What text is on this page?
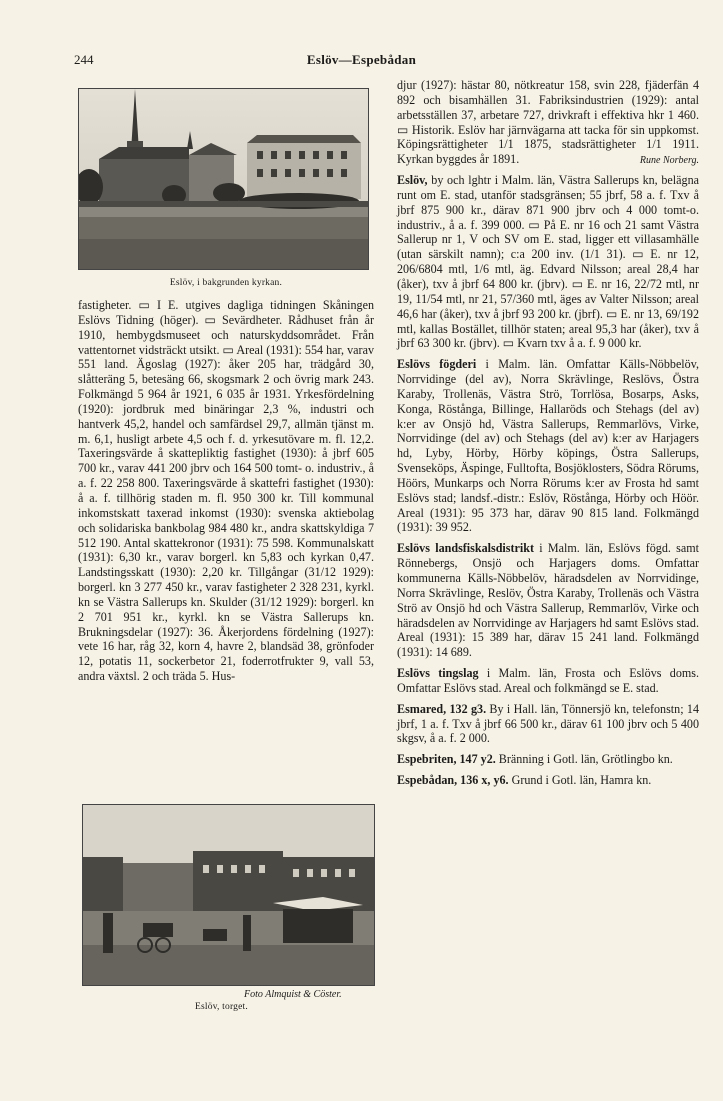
244	Eslöv—Espebådan
Eslöv, i bakgrunden kyrkan.

fastigheter. ▭ I E. utgives dagliga tidningen Skåningen Eslövs Tidning (höger). ▭ Sevärdheter. Rådhuset från år 1910, hembygdsmuseet och naturskyddsområdet. Från vattentornet vidsträckt utsikt. ▭ Areal (1931): 554 har, varav 551 land. Ägoslag (1927): åker 205 har, trädgård 30, slåtteräng 5, betesäng 66, skogsmark 2 och övrig mark 243. Folkmängd 5 964 år 1921, 6 035 år 1931. Yrkesfördelning (1920): jordbruk med binäringar 2,3 %, industri och hantverk 45,2, handel och samfärdsel 29,7, allmän tjänst m. m. 6,1, husligt arbete 4,5 och f. d. yrkesutövare m. fl. 12,2. Taxeringsvärde å skattepliktig fastighet (1930): å jbrf 605 700 kr., varav 441 200 jbrv och 164 500 tomt- o. industriv., å a. f. 22 258 800. Taxeringsvärde å skattefri fastighet (1930): å a. f. tillhörig staden m. fl. 950 300 kr. Till kommunal inkomstskatt taxerad inkomst (1930): svenska aktiebolag och solidariska bankbolag 984 480 kr., andra skattskyldiga 7 512 190. Antal skattekronor (1931): 75 598. Kommunalskatt (1931): 6,30 kr., varav borgerl. kn 5,83 och kyrkan 0,47. Landstingsskatt (1930): 2,20 kr. Tillgångar (31/12 1929): borgerl. kn 3 277 450 kr., varav fastigheter 2 328 231, kyrkl. kn se Västra Sallerups kn. Skulder (31/12 1929): borgerl. kn 2 701 951 kr., kyrkl. kn se Västra Sallerups kn. Brukningsdelar (1927): 36. Åkerjordens fördelning (1927): vete 16 har, råg 32, korn 4, havre 2, blandsäd 38, grönfoder 12, potatis 11, sockerbetor 21, foderrotfrukter 9, vall 53, andra växtsl. 2 och träda 5. Hus-

Foto Almquist & Cöster.
Eslöv, torget.

djur (1927): hästar 80, nötkreatur 158, svin 228, fjäderfän 4 892 och bisamhällen 31. Fabriksindustrien (1929): antal arbetsställen 37, arbetare 727, drivkraft i effektiva hkr 1 460. ▭ Historik. Eslöv har järnvägarna att tacka för sin uppkomst. Köpingsrättigheter 1/1 1875, stadsrättigheter 1/1 1911. Kyrkan byggdes år 1891.	Rune Norberg.

Eslöv, by och lghtr i Malm. län, Västra Sallerups kn, belägna runt om E. stad, utanför stadsgränsen; 55 jbrf, 58 a. f. Txv å jbrf 875 900 kr., därav 871 900 jbrv och 4 000 tomt-o. industriv., å a. f. 399 000. ▭ På E. nr 16 och 21 samt Västra Sallerup nr 1, V och SV om E. stad, ligger ett villasamhälle (utan särskilt namn); c:a 200 inv. (1/1 31). ▭ E. nr 12, 206/6804 mtl, 1/6 mtl, äg. Edvard Nilsson; areal 28,4 har (åker), txv å jbrf 64 800 kr. (jbrv). ▭ E. nr 16, 22/72 mtl, nr 19, 11/54 mtl, nr 21, 57/360 mtl, äges av Valter Nilsson; areal 46,6 har (åker), txv å jbrf 93 200 kr. (jbrf). ▭ E. nr 13, 69/192 mtl, kallas Bostället, tillhör staten; areal 95,3 har (åker), txv å jbrf 63 300 kr. (jbrv). ▭ Kvarn txv å a. f. 9 000 kr.

Eslövs fögderi i Malm. län. Omfattar Källs-Nöbbelöv, Norrvidinge (del av), Norra Skrävlinge, Reslövs, Östra Karaby, Trollenäs, Västra Strö, Torrlösa, Bosarps, Asks, Konga, Röstånga, Billinge, Hallaröds och Stehags (del av) k:er av Onsjö hd, Västra Sallerups, Remmarlövs, Virke, Norrvidinge (del av) och Stehags (del av) k:er av Harjagers hd, Lyby, Hörby, Hörby köpings, Östra Sallerups, Svenseköps, Äspinge, Fulltofta, Bosjöklosters, Södra Rörums, Höörs, Munkarps och Norra Rörums k:er av Frosta hd samt Eslövs stad; landsf.-distr.: Eslöv, Röstånga, Hörby och Höör. Areal (1931): 95 373 har, därav 90 815 land. Folkmängd (1931): 39 952.

Eslövs landsfiskalsdistrikt i Malm. län, Eslövs fögd. samt Rönnebergs, Onsjö och Harjagers doms. Omfattar kommunerna Källs-Nöbbelöv, häradsdelen av Norrvidinge, Norra Skrävlinge, Reslöv, Östra Karaby, Trollenäs och Västra Strö av Onsjö hd och Västra Sallerup, Remmarlöv, Virke och häradsdelen av Norrvidinge av Harjagers hd samt Eslövs stad. Areal (1931): 15 389 har, därav 15 241 land. Folkmängd (1931): 14 689.

Eslövs tingslag i Malm. län, Frosta och Eslövs doms. Omfattar Eslövs stad. Areal och folkmängd se E. stad.

Esmared, 132 g3. By i Hall. län, Tönnersjö kn, telefonstn; 14 jbrf, 1 a. f. Txv å jbrf 66 500 kr., därav 61 100 jbrv och 5 400 skgsv, å a. f. 2 000.

Espebriten, 147 y2. Bränning i Gotl. län, Grötlingbo kn.

Espebådan, 136 x, y6. Grund i Gotl. län, Hamra kn.
